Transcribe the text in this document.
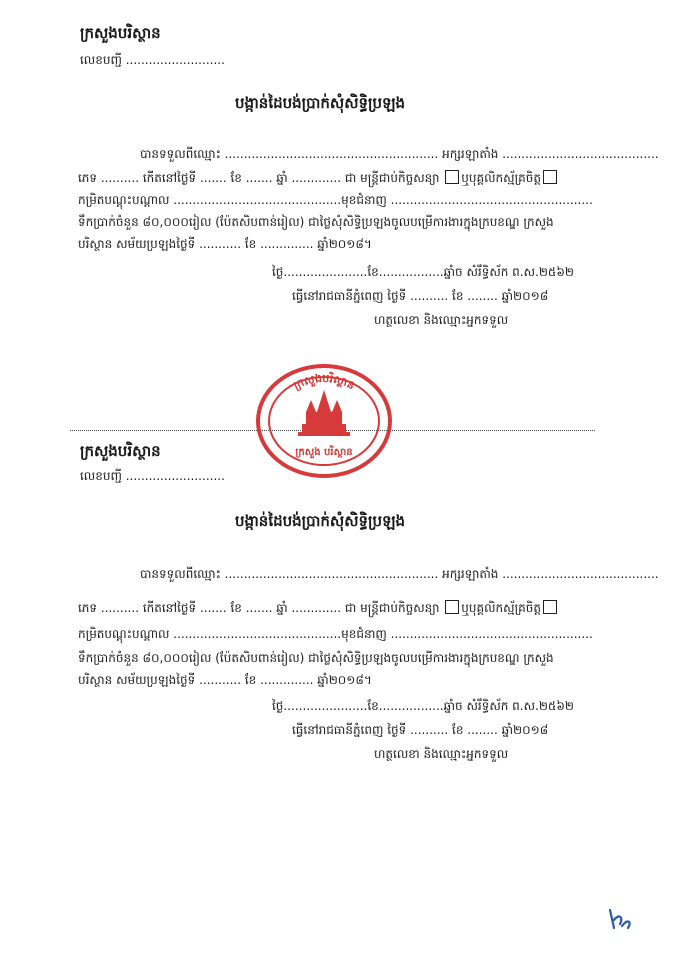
ក្រសួងបរិស្ថាន
លេខបញ្ជី ..........................
បង្កាន់ដៃបង់ប្រាក់សុំសិទ្ធិប្រឡង
បានទទួលពីឈ្មោះ ........................................................ អក្សរឡាតាំង .........................................
ភេទ .......... កើតនៅថ្ងៃទី ....... ខែ ....... ឆ្នាំ ............. ជា មន្ត្រីជាប់កិច្ចសន្យា ឬបុគ្គលិកស្ម័គ្រចិត្ត
កម្រិតបណ្តុះបណ្តាល ............................................មុខជំនាញ .....................................................
ទឹកប្រាក់ចំនួន ៨០,០០០រៀល (ប៉ែតសិបពាន់រៀល) ជាថ្លៃសុំសិទ្ធិប្រឡងចូលបម្រើការងារក្នុងក្របខណ្ឌ ក្រសួង
បរិស្ថាន សម័យប្រឡងថ្ងៃទី ........... ខែ .............. ឆ្នាំ២០១៨។
ថ្ងៃ......................ខែ.................ឆ្នាំច សំរឹទ្ធិស័ក ព.ស.២៥៦២
ធ្វើនៅរាជធានីភ្នំពេញ ថ្ងៃទី .......... ខែ ........ ឆ្នាំ២០១៨
ហត្ថលេខា និងឈ្មោះអ្នកទទួល
ក្រសួងបរិស្ថាន
ក្រសួង បរិស្ថាន
ក្រសួងបរិស្ថាន
លេខបញ្ជី ..........................
បង្កាន់ដៃបង់ប្រាក់សុំសិទ្ធិប្រឡង
បានទទួលពីឈ្មោះ ........................................................ អក្សរឡាតាំង .........................................
ភេទ .......... កើតនៅថ្ងៃទី ....... ខែ ....... ឆ្នាំ ............. ជា មន្ត្រីជាប់កិច្ចសន្យា ឬបុគ្គលិកស្ម័គ្រចិត្ត
កម្រិតបណ្តុះបណ្តាល ............................................មុខជំនាញ .....................................................
ទឹកប្រាក់ចំនួន ៨០,០០០រៀល (ប៉ែតសិបពាន់រៀល) ជាថ្លៃសុំសិទ្ធិប្រឡងចូលបម្រើការងារក្នុងក្របខណ្ឌ ក្រសួង
បរិស្ថាន សម័យប្រឡងថ្ងៃទី ........... ខែ .............. ឆ្នាំ២០១៨។
ថ្ងៃ......................ខែ.................ឆ្នាំច សំរឹទ្ធិស័ក ព.ស.២៥៦២
ធ្វើនៅរាជធានីភ្នំពេញ ថ្ងៃទី .......... ខែ ........ ឆ្នាំ២០១៨
ហត្ថលេខា និងឈ្មោះអ្នកទទួល
